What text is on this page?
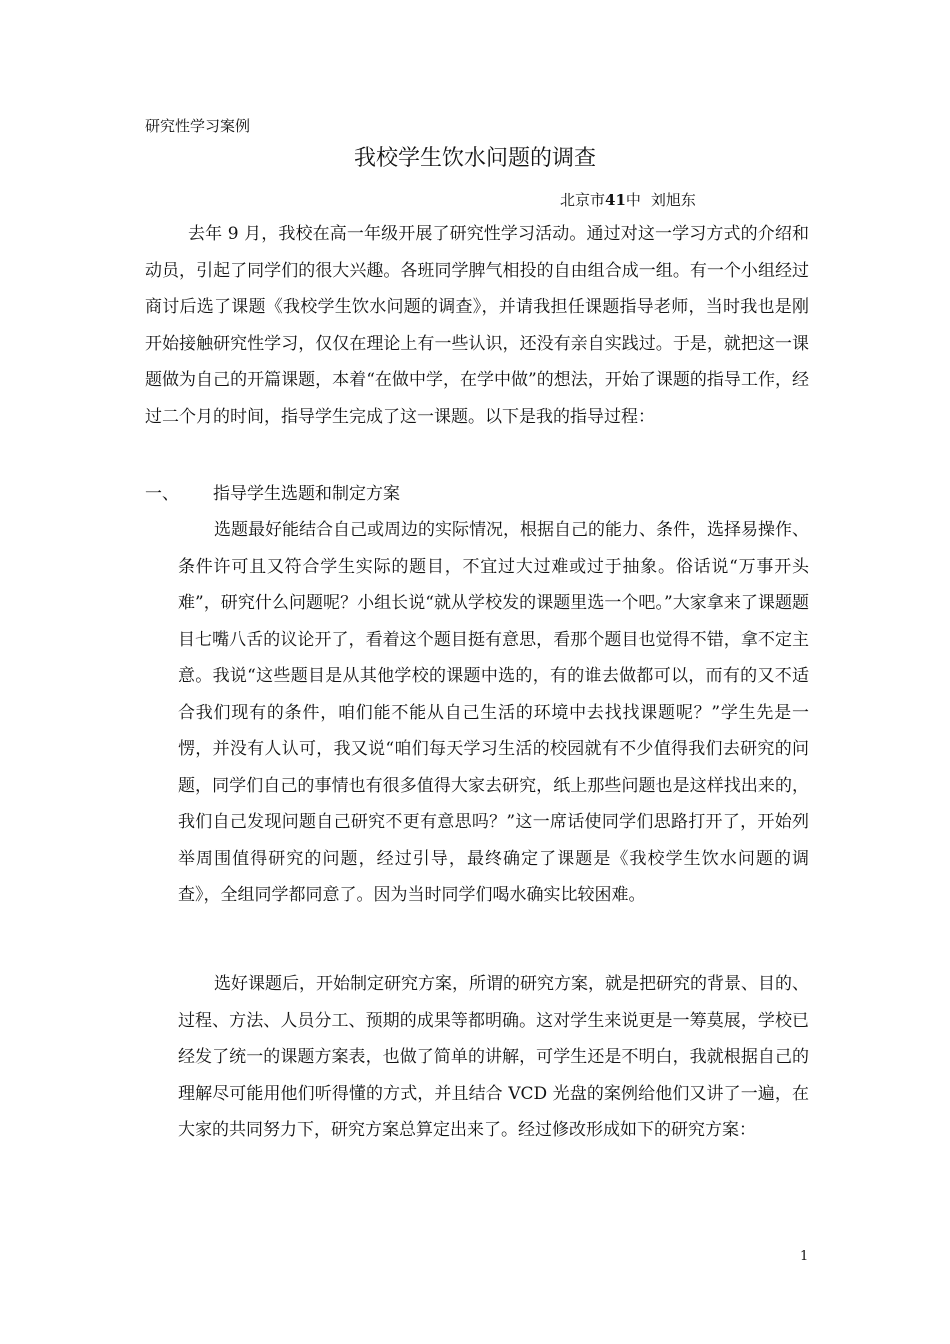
研究性学习案例
我校学生饮水问题的调查
北京市41中 刘旭东

去年 9 月，我校在高一年级开展了研究性学习活动。通过对这一学习方式的介绍和动员，引起了同学们的很大兴趣。各班同学脾气相投的自由组合成一组。有一个小组经过商讨后选了课题《我校学生饮水问题的调查》，并请我担任课题指导老师，当时我也是刚开始接触研究性学习，仅仅在理论上有一些认识，还没有亲自实践过。于是，就把这一课题做为自己的开篇课题，本着“在做中学，在学中做”的想法，开始了课题的指导工作，经过二个月的时间，指导学生完成了这一课题。以下是我的指导过程：

一、 指导学生选题和制定方案

选题最好能结合自己或周边的实际情况，根据自己的能力、条件，选择易操作、条件许可且又符合学生实际的题目，不宜过大过难或过于抽象。俗话说“万事开头难”，研究什么问题呢？小组长说“就从学校发的课题里选一个吧。”大家拿来了课题题目七嘴八舌的议论开了，看着这个题目挺有意思，看那个题目也觉得不错，拿不定主意。我说“这些题目是从其他学校的课题中选的，有的谁去做都可以，而有的又不适合我们现有的条件，咱们能不能从自己生活的环境中去找找课题呢？”学生先是一愣，并没有人认可，我又说“咱们每天学习生活的校园就有不少值得我们去研究的问题，同学们自己的事情也有很多值得大家去研究，纸上那些问题也是这样找出来的，我们自己发现问题自己研究不更有意思吗？”这一席话使同学们思路打开了，开始列举周围值得研究的问题，经过引导，最终确定了课题是《我校学生饮水问题的调查》，全组同学都同意了。因为当时同学们喝水确实比较困难。

选好课题后，开始制定研究方案，所谓的研究方案，就是把研究的背景、目的、过程、方法、人员分工、预期的成果等都明确。这对学生来说更是一筹莫展，学校已经发了统一的课题方案表，也做了简单的讲解，可学生还是不明白，我就根据自己的理解尽可能用他们听得懂的方式，并且结合 VCD 光盘的案例给他们又讲了一遍，在大家的共同努力下，研究方案总算定出来了。经过修改形成如下的研究方案：

1
